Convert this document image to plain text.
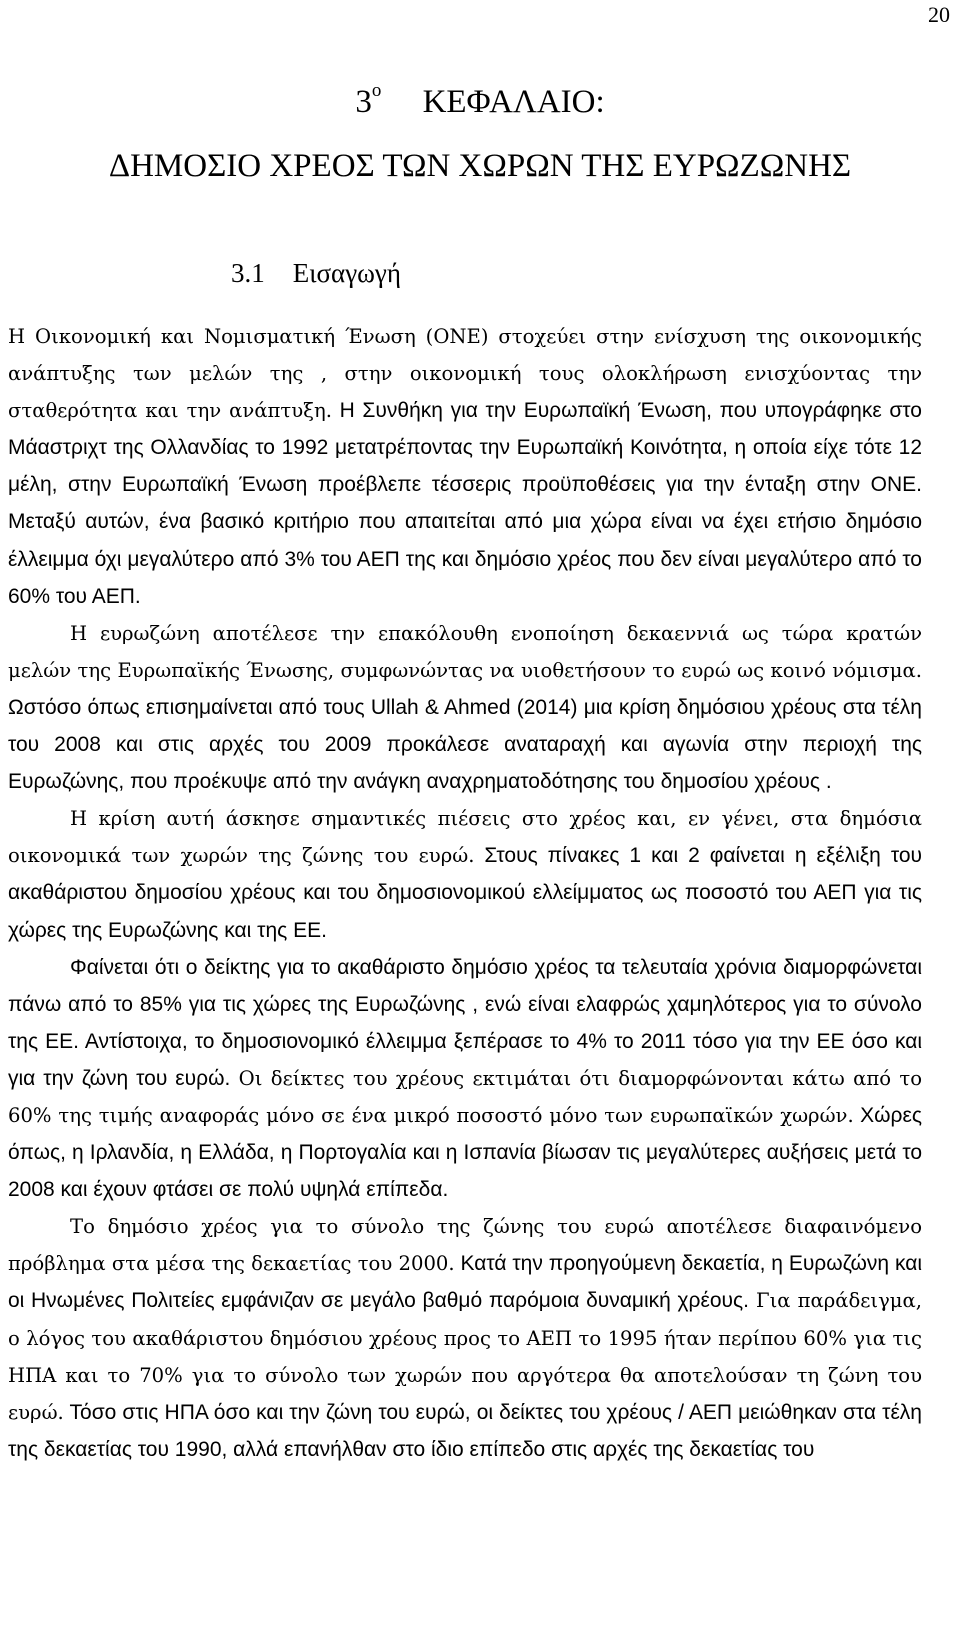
20
$3^o$ ΚΕΦΑΛΑΙΟ:
ΔΗΜΟΣΙΟ ΧΡΕΟΣ ΤΩΝ ΧΩΡΩΝ ΤΗΣ ΕΥΡΩΖΩΝΗΣ
3.1 Εισαγωγή

Η Οικονομική και Νομισματική Ένωση (ΟΝΕ) στοχεύει στην ενίσχυση της οικονομικής ανάπτυξης των μελών της , στην οικονομική τους ολοκλήρωση ενισχύοντας την σταθερότητα και την ανάπτυξη. Η Συνθήκη για την Ευρωπαϊκή Ένωση, που υπογράφηκε στο Μάαστριχτ της Ολλανδίας το 1992 μετατρέποντας την Ευρωπαϊκή Κοινότητα, η οποία είχε τότε 12 μέλη, στην Ευρωπαϊκή Ένωση προέβλεπε τέσσερις προϋποθέσεις για την ένταξη στην ΟΝΕ. Μεταξύ αυτών, ένα βασικό κριτήριο που απαιτείται από μια χώρα είναι να έχει ετήσιο δημόσιο έλλειμμα όχι μεγαλύτερο από 3% του ΑΕΠ της και δημόσιο χρέος που δεν είναι μεγαλύτερο από το 60% του ΑΕΠ.

Η ευρωζώνη αποτέλεσε την επακόλουθη ενοποίηση δεκαεννιά ως τώρα κρατών μελών της Ευρωπαϊκής Ένωσης, συμφωνώντας να υιοθετήσουν το ευρώ ως κοινό νόμισμα. Ωστόσο όπως επισημαίνεται από τους Ullah & Ahmed (2014) μια κρίση δημόσιου χρέους στα τέλη του 2008 και στις αρχές του 2009 προκάλεσε αναταραχή και αγωνία στην περιοχή της Ευρωζώνης, που προέκυψε από την ανάγκη αναχρηματοδότησης του δημοσίου χρέους .

Η κρίση αυτή άσκησε σημαντικές πιέσεις στο χρέος και, εν γένει, στα δημόσια οικονομικά των χωρών της ζώνης του ευρώ. Στους πίνακες 1 και 2 φαίνεται η εξέλιξη του ακαθάριστου δημοσίου χρέους και του δημοσιονομικού ελλείμματος ως ποσοστό του ΑΕΠ για τις χώρες της Ευρωζώνης και της ΕΕ.

Φαίνεται ότι ο δείκτης για το ακαθάριστο δημόσιο χρέος τα τελευταία χρόνια διαμορφώνεται πάνω από το 85% για τις χώρες της Ευρωζώνης , ενώ είναι ελαφρώς χαμηλότερος για το σύνολο της ΕΕ. Αντίστοιχα, το δημοσιονομικό έλλειμμα ξεπέρασε το 4% το 2011 τόσο για την ΕΕ όσο και για την ζώνη του ευρώ. Οι δείκτες του χρέους εκτιμάται ότι διαμορφώνονται κάτω από το 60% της τιμής αναφοράς μόνο σε ένα μικρό ποσοστό μόνο των ευρωπαϊκών χωρών. Χώρες όπως, η Ιρλανδία, η Ελλάδα, η Πορτογαλία και η Ισπανία βίωσαν τις μεγαλύτερες αυξήσεις μετά το 2008 και έχουν φτάσει σε πολύ υψηλά επίπεδα.

Το δημόσιο χρέος για το σύνολο της ζώνης του ευρώ αποτέλεσε διαφαινόμενο πρόβλημα στα μέσα της δεκαετίας του 2000. Κατά την προηγούμενη δεκαετία, η Ευρωζώνη και οι Ηνωμένες Πολιτείες εμφάνιζαν σε μεγάλο βαθμό παρόμοια δυναμική χρέους. Για παράδειγμα, ο λόγος του ακαθάριστου δημόσιου χρέους προς το ΑΕΠ το 1995 ήταν περίπου 60% για τις ΗΠΑ και το 70% για το σύνολο των χωρών που αργότερα θα αποτελούσαν τη ζώνη του ευρώ. Τόσο στις ΗΠΑ όσο και την ζώνη του ευρώ, οι δείκτες του χρέους / ΑΕΠ μειώθηκαν στα τέλη της δεκαετίας του 1990, αλλά επανήλθαν στο ίδιο επίπεδο στις αρχές της δεκαετίας του
